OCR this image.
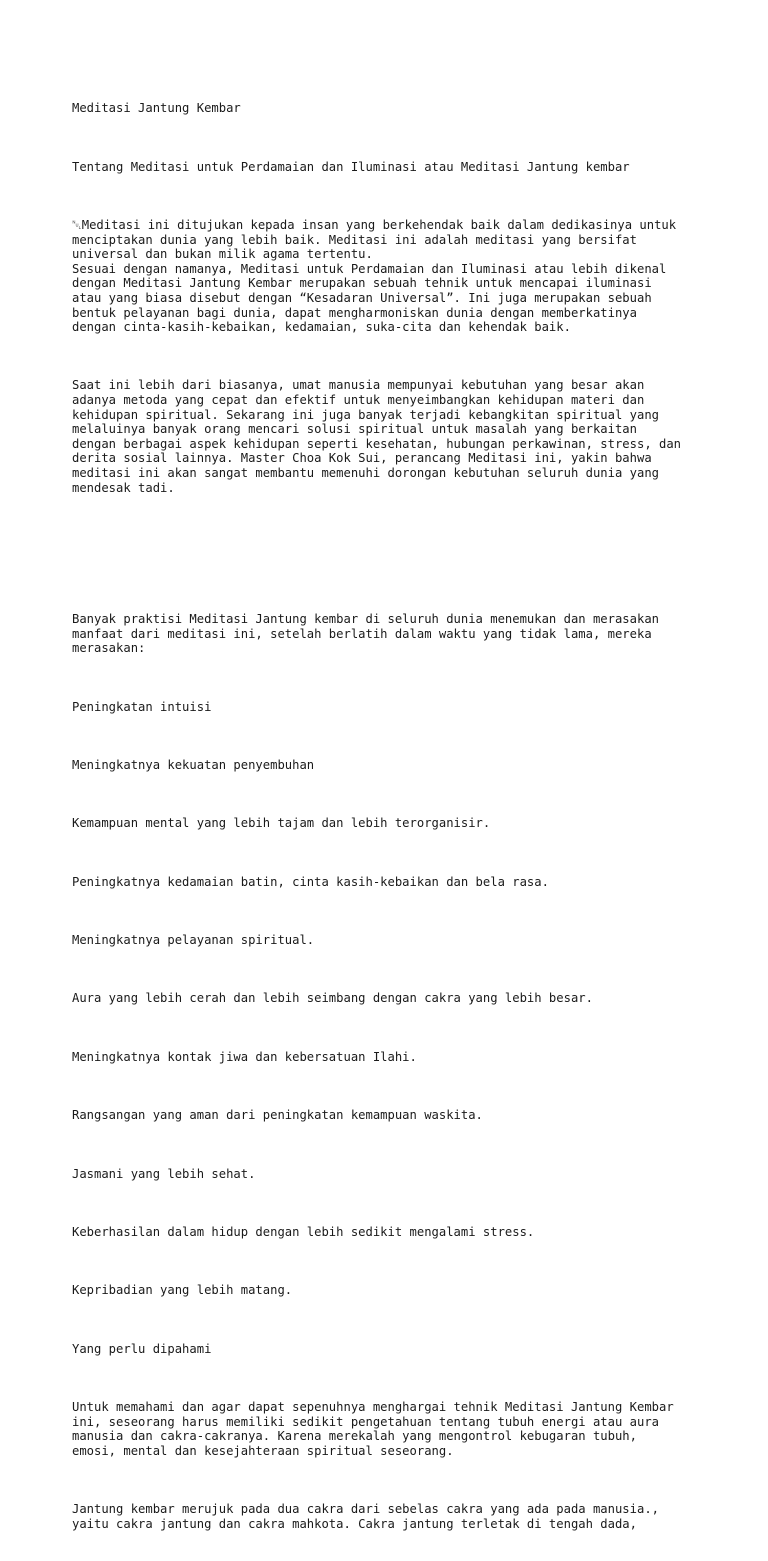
Meditasi Jantung Kembar

Tentang Meditasi untuk Perdamaian dan Iluminasi atau Meditasi Jantung kembar

␀Meditasi ini ditujukan kepada insan yang berkehendak baik dalam dedikasinya untuk
menciptakan dunia yang lebih baik. Meditasi ini adalah meditasi yang bersifat
universal dan bukan milik agama tertentu.
Sesuai dengan namanya, Meditasi untuk Perdamaian dan Iluminasi atau lebih dikenal
dengan Meditasi Jantung Kembar merupakan sebuah tehnik untuk mencapai iluminasi
atau yang biasa disebut dengan “Kesadaran Universal”. Ini juga merupakan sebuah
bentuk pelayanan bagi dunia, dapat mengharmoniskan dunia dengan memberkatinya
dengan cinta-kasih-kebaikan, kedamaian, suka-cita dan kehendak baik.

Saat ini lebih dari biasanya, umat manusia mempunyai kebutuhan yang besar akan
adanya metoda yang cepat dan efektif untuk menyeimbangkan kehidupan materi dan
kehidupan spiritual. Sekarang ini juga banyak terjadi kebangkitan spiritual yang
melaluinya banyak orang mencari solusi spiritual untuk masalah yang berkaitan
dengan berbagai aspek kehidupan seperti kesehatan, hubungan perkawinan, stress, dan
derita sosial lainnya. Master Choa Kok Sui, perancang Meditasi ini, yakin bahwa
meditasi ini akan sangat membantu memenuhi dorongan kebutuhan seluruh dunia yang
mendesak tadi.

Banyak praktisi Meditasi Jantung kembar di seluruh dunia menemukan dan merasakan
manfaat dari meditasi ini, setelah berlatih dalam waktu yang tidak lama, mereka
merasakan:

Peningkatan intuisi

Meningkatnya kekuatan penyembuhan

Kemampuan mental yang lebih tajam dan lebih terorganisir.

Peningkatnya kedamaian batin, cinta kasih-kebaikan dan bela rasa.

Meningkatnya pelayanan spiritual.

Aura yang lebih cerah dan lebih seimbang dengan cakra yang lebih besar.

Meningkatnya kontak jiwa dan kebersatuan Ilahi.

Rangsangan yang aman dari peningkatan kemampuan waskita.

Jasmani yang lebih sehat.

Keberhasilan dalam hidup dengan lebih sedikit mengalami stress.

Kepribadian yang lebih matang.

Yang perlu dipahami

Untuk memahami dan agar dapat sepenuhnya menghargai tehnik Meditasi Jantung Kembar
ini, seseorang harus memiliki sedikit pengetahuan tentang tubuh energi atau aura
manusia dan cakra-cakranya. Karena merekalah yang mengontrol kebugaran tubuh,
emosi, mental dan kesejahteraan spiritual seseorang.

Jantung kembar merujuk pada dua cakra dari sebelas cakra yang ada pada manusia.,
yaitu cakra jantung dan cakra mahkota. Cakra jantung terletak di tengah dada,
